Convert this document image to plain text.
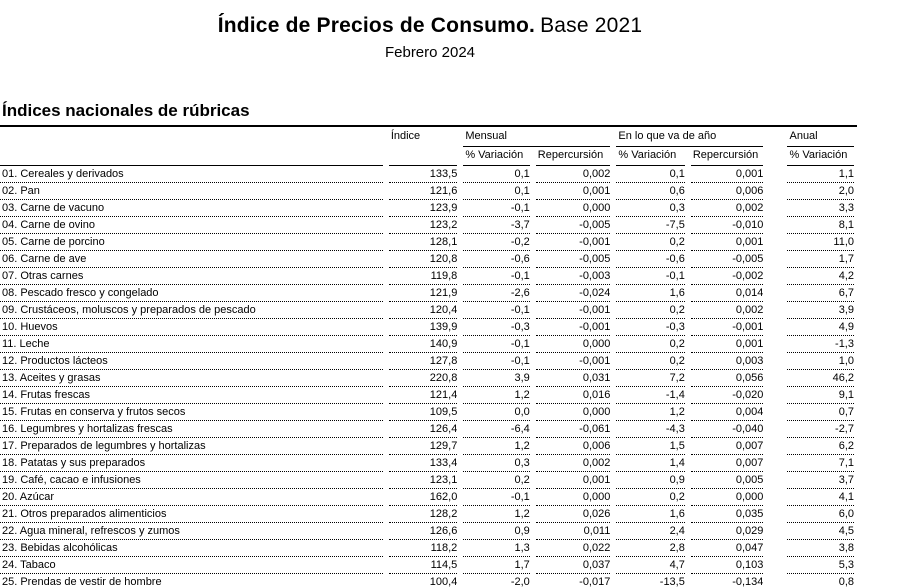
Índice de Precios de Consumo. Base 2021
Febrero 2024
Índices nacionales de rúbricas
	Índice	Mensual		En lo que va de año			Anual
		% Variación	Repercursión	% Variación	Repercursión		% Variación
01. Cereales y derivados	133,5	0,1	0,002	0,1	0,001		1,1
02. Pan	121,6	0,1	0,001	0,6	0,006		2,0
03. Carne de vacuno	123,9	-0,1	0,000	0,3	0,002		3,3
04. Carne de ovino	123,2	-3,7	-0,005	-7,5	-0,010		8,1
05. Carne de porcino	128,1	-0,2	-0,001	0,2	0,001		11,0
06. Carne de ave	120,8	-0,6	-0,005	-0,6	-0,005		1,7
07. Otras carnes	119,8	-0,1	-0,003	-0,1	-0,002		4,2
08. Pescado fresco y congelado	121,9	-2,6	-0,024	1,6	0,014		6,7
09. Crustáceos, moluscos y preparados de pescado	120,4	-0,1	-0,001	0,2	0,002		3,9
10. Huevos	139,9	-0,3	-0,001	-0,3	-0,001		4,9
11. Leche	140,9	-0,1	0,000	0,2	0,001		-1,3
12. Productos lácteos	127,8	-0,1	-0,001	0,2	0,003		1,0
13. Aceites y grasas	220,8	3,9	0,031	7,2	0,056		46,2
14. Frutas frescas	121,4	1,2	0,016	-1,4	-0,020		9,1
15. Frutas en conserva y frutos secos	109,5	0,0	0,000	1,2	0,004		0,7
16. Legumbres y hortalizas frescas	126,4	-6,4	-0,061	-4,3	-0,040		-2,7
17. Preparados de legumbres y hortalizas	129,7	1,2	0,006	1,5	0,007		6,2
18. Patatas y sus preparados	133,4	0,3	0,002	1,4	0,007		7,1
19. Café, cacao e infusiones	123,1	0,2	0,001	0,9	0,005		3,7
20. Azúcar	162,0	-0,1	0,000	0,2	0,000		4,1
21. Otros preparados alimenticios	128,2	1,2	0,026	1,6	0,035		6,0
22. Agua mineral, refrescos y zumos	126,6	0,9	0,011	2,4	0,029		4,5
23. Bebidas alcohólicas	118,2	1,3	0,022	2,8	0,047		3,8
24. Tabaco	114,5	1,7	0,037	4,7	0,103		5,3
25. Prendas de vestir de hombre	100,4	-2,0	-0,017	-13,5	-0,134		0,8
